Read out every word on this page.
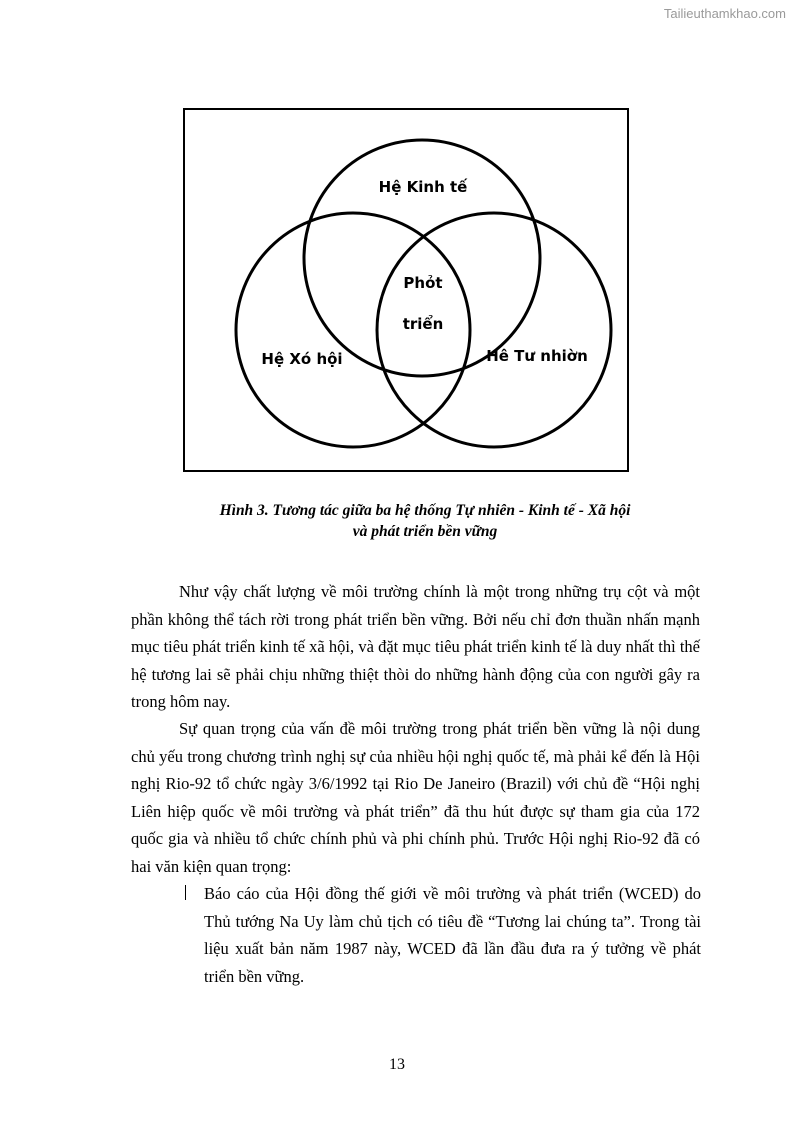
Tailieuthamkhao.com
Hệ Kinh tế
Phỏt
triển
Hệ Xó hội	Hê Tư nhiờn
Hình 3. Tương tác giữa ba hệ thống Tự nhiên - Kinh tế - Xã hội
và phát triển bền vững

Như vậy chất lượng về môi trường chính là một trong những trụ cột và một phần không thể tách rời trong phát triển bền vững. Bởi nếu chỉ đơn thuần nhấn mạnh mục tiêu phát triển kinh tế xã hội, và đặt mục tiêu phát triển kinh tế là duy nhất thì thế hệ tương lai sẽ phải chịu những thiệt thòi do những hành động của con người gây ra trong hôm nay.

Sự quan trọng của vấn đề môi trường trong phát triển bền vững là nội dung chủ yếu trong chương trình nghị sự của nhiều hội nghị quốc tế, mà phải kể đến là Hội nghị Rio-92 tổ chức ngày 3/6/1992 tại Rio De Janeiro (Brazil) với chủ đề “Hội nghị Liên hiệp quốc về môi trường và phát triển” đã thu hút được sự tham gia của 172 quốc gia và nhiều tổ chức chính phủ và phi chính phủ. Trước Hội nghị Rio-92 đã có hai văn kiện quan trọng:

Báo cáo của Hội đồng thế giới về môi trường và phát triển (WCED) do Thủ tướng Na Uy làm chủ tịch có tiêu đề “Tương lai chúng ta”. Trong tài liệu xuất bản năm 1987 này, WCED đã lần đầu đưa ra ý tưởng về phát triển bền vững.

13
